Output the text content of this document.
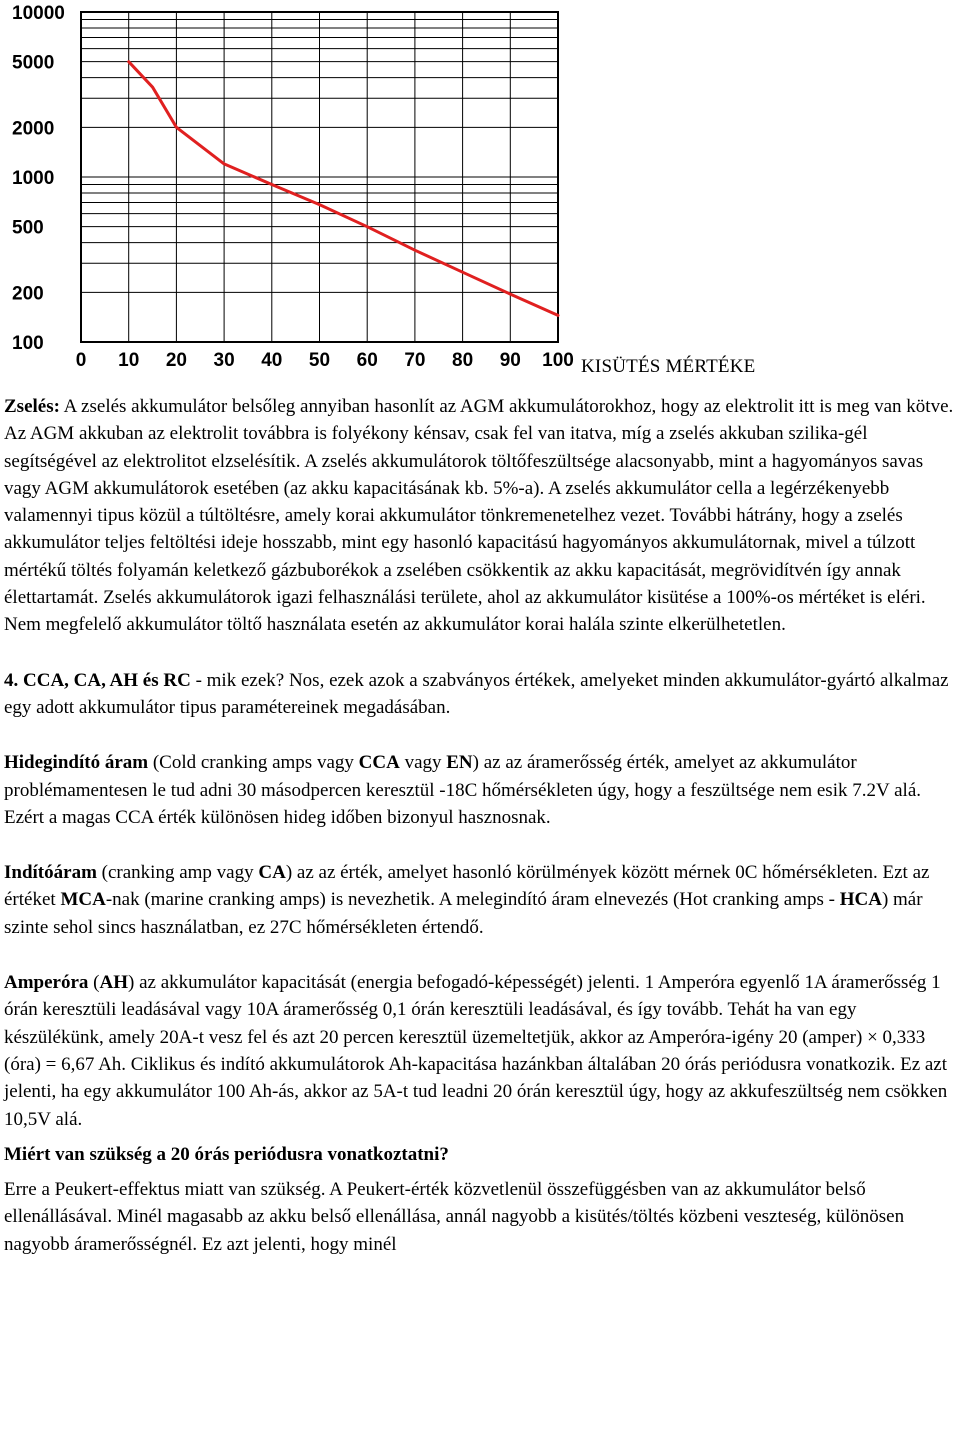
10000
5000
2000
1000
500
200
100
0 10 20 30 40 50 60 70 80 90 100 KISÜTÉS MÉRTÉKE

Zselés: A zselés akkumulátor belsőleg annyiban hasonlít az AGM akkumulátorokhoz, hogy az elektrolit itt is meg van kötve. Az AGM akkuban az elektrolit továbbra is folyékony kénsav, csak fel van itatva, míg a zselés akkuban szilika-gél segítségével az elektrolitot elzselésítik. A zselés akkumulátorok töltőfeszültsége alacsonyabb, mint a hagyományos savas vagy AGM akkumulátorok esetében (az akku kapacitásának kb. 5%-a). A zselés akkumulátor cella a legérzékenyebb valamennyi tipus közül a túltöltésre, amely korai akkumulátor tönkremenetelhez vezet. További hátrány, hogy a zselés akkumulátor teljes feltöltési ideje hosszabb, mint egy hasonló kapacitású hagyományos akkumulátornak, mivel a túlzott mértékű töltés folyamán keletkező gázbuborékok a zselében csökkentik az akku kapacitását, megrövidítvén így annak élettartamát. Zselés akkumulátorok igazi felhasználási területe, ahol az akkumulátor kisütése a 100%-os mértéket is eléri. Nem megfelelő akkumulátor töltő használata esetén az akkumulátor korai halála szinte elkerülhetetlen.

4. CCA, CA, AH és RC - mik ezek? Nos, ezek azok a szabványos értékek, amelyeket minden akkumulátor-gyártó alkalmaz egy adott akkumulátor tipus paramétereinek megadásában.

Hidegindító áram (Cold cranking amps vagy CCA vagy EN) az az áramerősség érték, amelyet az akkumulátor problémamentesen le tud adni 30 másodpercen keresztül -18C hőmérsékleten úgy, hogy a feszültsége nem esik 7.2V alá. Ezért a magas CCA érték különösen hideg időben bizonyul hasznosnak.

Indítóáram (cranking amp vagy CA) az az érték, amelyet hasonló körülmények között mérnek 0C hőmérsékleten. Ezt az értéket MCA-nak (marine cranking amps) is nevezhetik. A melegindító áram elnevezés (Hot cranking amps - HCA) már szinte sehol sincs használatban, ez 27C hőmérsékleten értendő.

Amperóra (AH) az akkumulátor kapacitását (energia befogadó-képességét) jelenti. 1 Amperóra egyenlő 1A áramerősség 1 órán keresztüli leadásával vagy 10A áramerősség 0,1 órán keresztüli leadásával, és így tovább. Tehát ha van egy készülékünk, amely 20A-t vesz fel és azt 20 percen keresztül üzemeltetjük, akkor az Amperóra-igény 20 (amper) × 0,333 (óra) = 6,67 Ah. Ciklikus és indító akkumulátorok Ah-kapacitása hazánkban általában 20 órás periódusra vonatkozik. Ez azt jelenti, ha egy akkumulátor 100 Ah-ás, akkor az 5A-t tud leadni 20 órán keresztül úgy, hogy az akkufeszültség nem csökken 10,5V alá.

Miért van szükség a 20 órás periódusra vonatkoztatni?

Erre a Peukert-effektus miatt van szükség. A Peukert-érték közvetlenül összefüggésben van az akkumulátor belső ellenállásával. Minél magasabb az akku belső ellenállása, annál nagyobb a kisütés/töltés közbeni veszteség, különösen nagyobb áramerősségnél. Ez azt jelenti, hogy minél
